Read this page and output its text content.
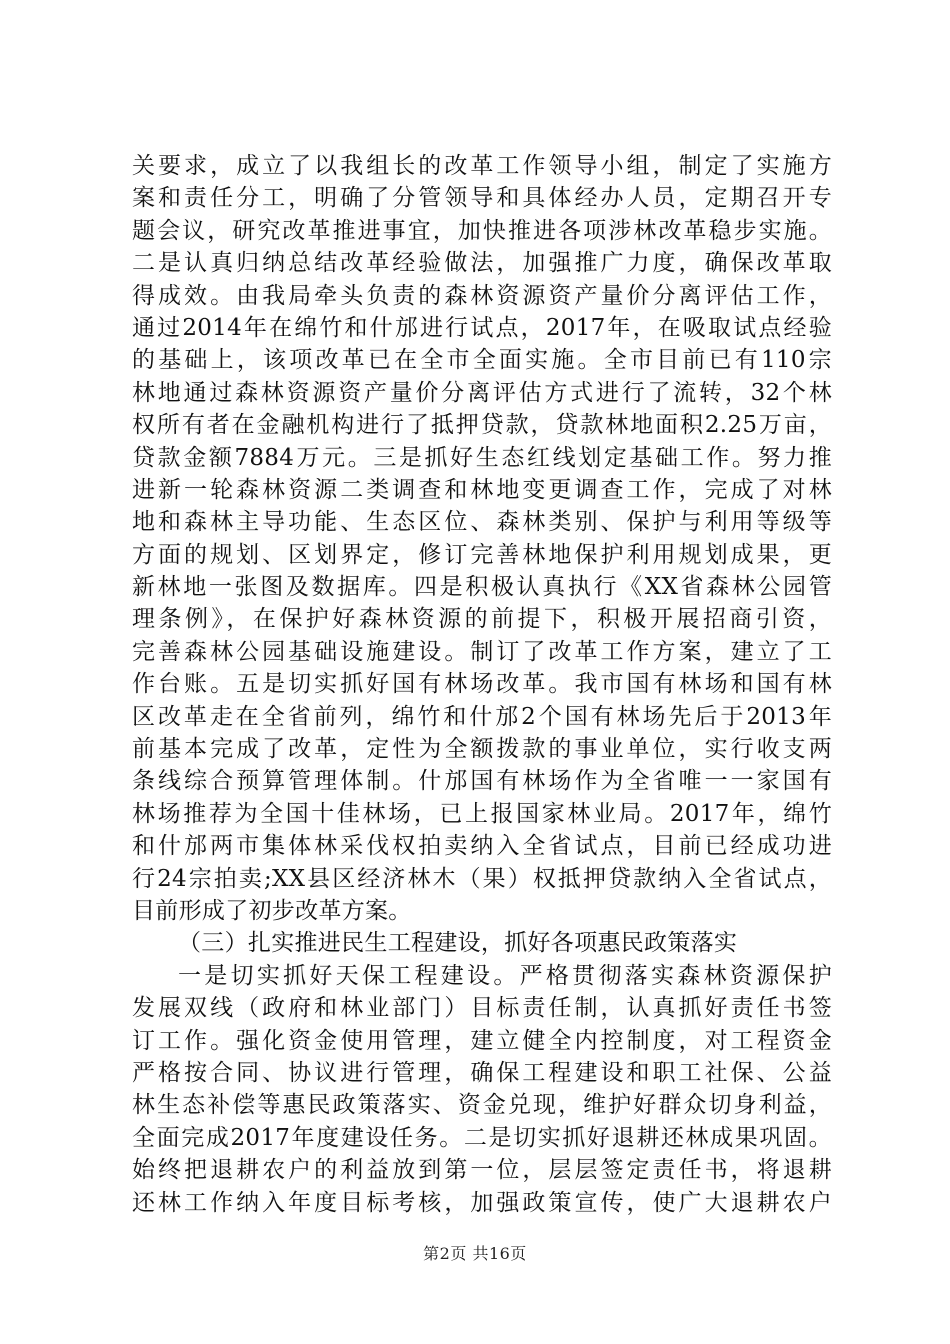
关要求，成立了以我组长的改革工作领导小组，制定了实施方
案和责任分工，明确了分管领导和具体经办人员，定期召开专
题会议，研究改革推进事宜，加快推进各项涉林改革稳步实施。
二是认真归纳总结改革经验做法，加强推广力度，确保改革取
得成效。由我局牵头负责的森林资源资产量价分离评估工作，
通过2014年在绵竹和什邡进行试点，2017年，在吸取试点经验
的基础上，该项改革已在全市全面实施。全市目前已有110宗
林地通过森林资源资产量价分离评估方式进行了流转，32个林
权所有者在金融机构进行了抵押贷款，贷款林地面积2.25万亩，
贷款金额7884万元。三是抓好生态红线划定基础工作。努力推
进新一轮森林资源二类调查和林地变更调查工作，完成了对林
地和森林主导功能、生态区位、森林类别、保护与利用等级等
方面的规划、区划界定，修订完善林地保护利用规划成果，更
新林地一张图及数据库。四是积极认真执行《XX省森林公园管
理条例》，在保护好森林资源的前提下，积极开展招商引资，
完善森林公园基础设施建设。制订了改革工作方案，建立了工
作台账。五是切实抓好国有林场改革。我市国有林场和国有林
区改革走在全省前列，绵竹和什邡2个国有林场先后于2013年
前基本完成了改革，定性为全额拨款的事业单位，实行收支两
条线综合预算管理体制。什邡国有林场作为全省唯一一家国有
林场推荐为全国十佳林场，已上报国家林业局。2017年，绵竹
和什邡两市集体林采伐权拍卖纳入全省试点，目前已经成功进
行24宗拍卖;XX县区经济林木（果）权抵押贷款纳入全省试点，
目前形成了初步改革方案。
（三）扎实推进民生工程建设，抓好各项惠民政策落实
一是切实抓好天保工程建设。严格贯彻落实森林资源保护
发展双线（政府和林业部门）目标责任制，认真抓好责任书签
订工作。强化资金使用管理，建立健全内控制度，对工程资金
严格按合同、协议进行管理，确保工程建设和职工社保、公益
林生态补偿等惠民政策落实、资金兑现，维护好群众切身利益，
全面完成2017年度建设任务。二是切实抓好退耕还林成果巩固。
始终把退耕农户的利益放到第一位，层层签定责任书，将退耕
还林工作纳入年度目标考核，加强政策宣传，使广大退耕农户
第2页 共16页
